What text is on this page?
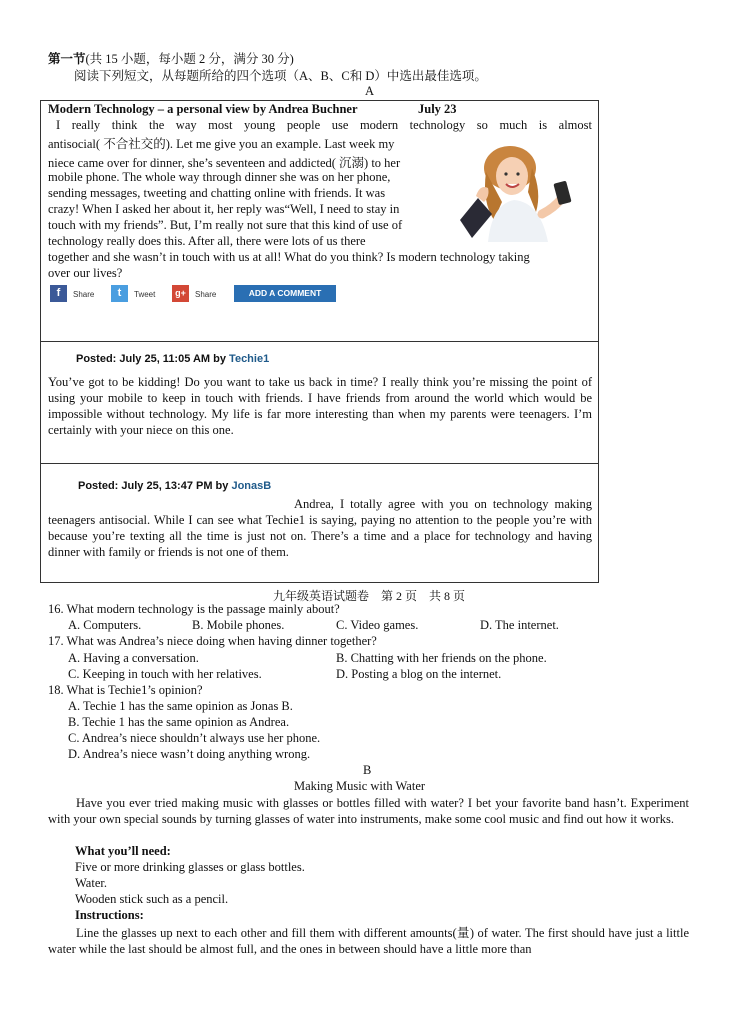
第一节(共 15 小题，每小题 2 分，满分 30 分)
阅读下列短文，从每题所给的四个选项（A、B、C和 D）中选出最佳选项。
A
Modern Technology – a personal view by Andrea Buchner	July 23
I really think the way most young people use modern technology so much is almost
antisocial( 不合社交的). Let me give you an example. Last week my
niece came over for dinner, she’s seventeen and addicted( 沉溺) to her
mobile phone. The whole way through dinner she was on her phone,
sending messages, tweeting and chatting online with friends. It was
crazy! When I asked her about it, her reply was“Well, I need to stay in
touch with my friends”. But, I’m really not sure that this kind of use of
technology really does this. After all, there were lots of us there
together and she wasn’t in touch with us at all! What do you think? Is modern technology taking
over our lives?
f	Share	t	Tweet	g+	Share	ADD A COMMENT
Posted: July 25, 11:05 AM by Techie1
You’ve got to be kidding! Do you want to take us back in time? I really think you’re missing the point of using your mobile to keep in touch with friends. I have friends from around the world which would be impossible without technology. My life is far more interesting than when my parents were teenagers. I’m certainly with your niece on this one.
Posted: July 25, 13:47 PM by JonasB
Andrea, I totally agree with you on technology making teenagers antisocial. While I can see what Techie1 is saying, paying no attention to the people you’re with because you’re texting all the time is just not on. There’s a time and a place for technology and having dinner with family or friends is not one of them.
九年级英语试题卷　第 2 页　共 8 页
16. What modern technology is the passage mainly about?
A. Computers.	B. Mobile phones.	C. Video games.	D. The internet.
17. What was Andrea’s niece doing when having dinner together?
A. Having a conversation.	B. Chatting with her friends on the phone.
C. Keeping in touch with her relatives.	D. Posting a blog on the internet.
18. What is Techie1’s opinion?
A. Techie 1 has the same opinion as Jonas B.
B. Techie 1 has the same opinion as Andrea.
C. Andrea’s niece shouldn’t always use her phone.
D. Andrea’s niece wasn’t doing anything wrong.
B
Making Music with Water
Have you ever tried making music with glasses or bottles filled with water? I bet your favorite band hasn’t. Experiment with your own special sounds by turning glasses of water into instruments, make some cool music and find out how it works.
What you’ll need:
Five or more drinking glasses or glass bottles.
Water.
Wooden stick such as a pencil.
Instructions:
Line the glasses up next to each other and fill them with different amounts(量) of water. The first should have just a little water while the last should be almost full, and the ones in between should have a little more than
